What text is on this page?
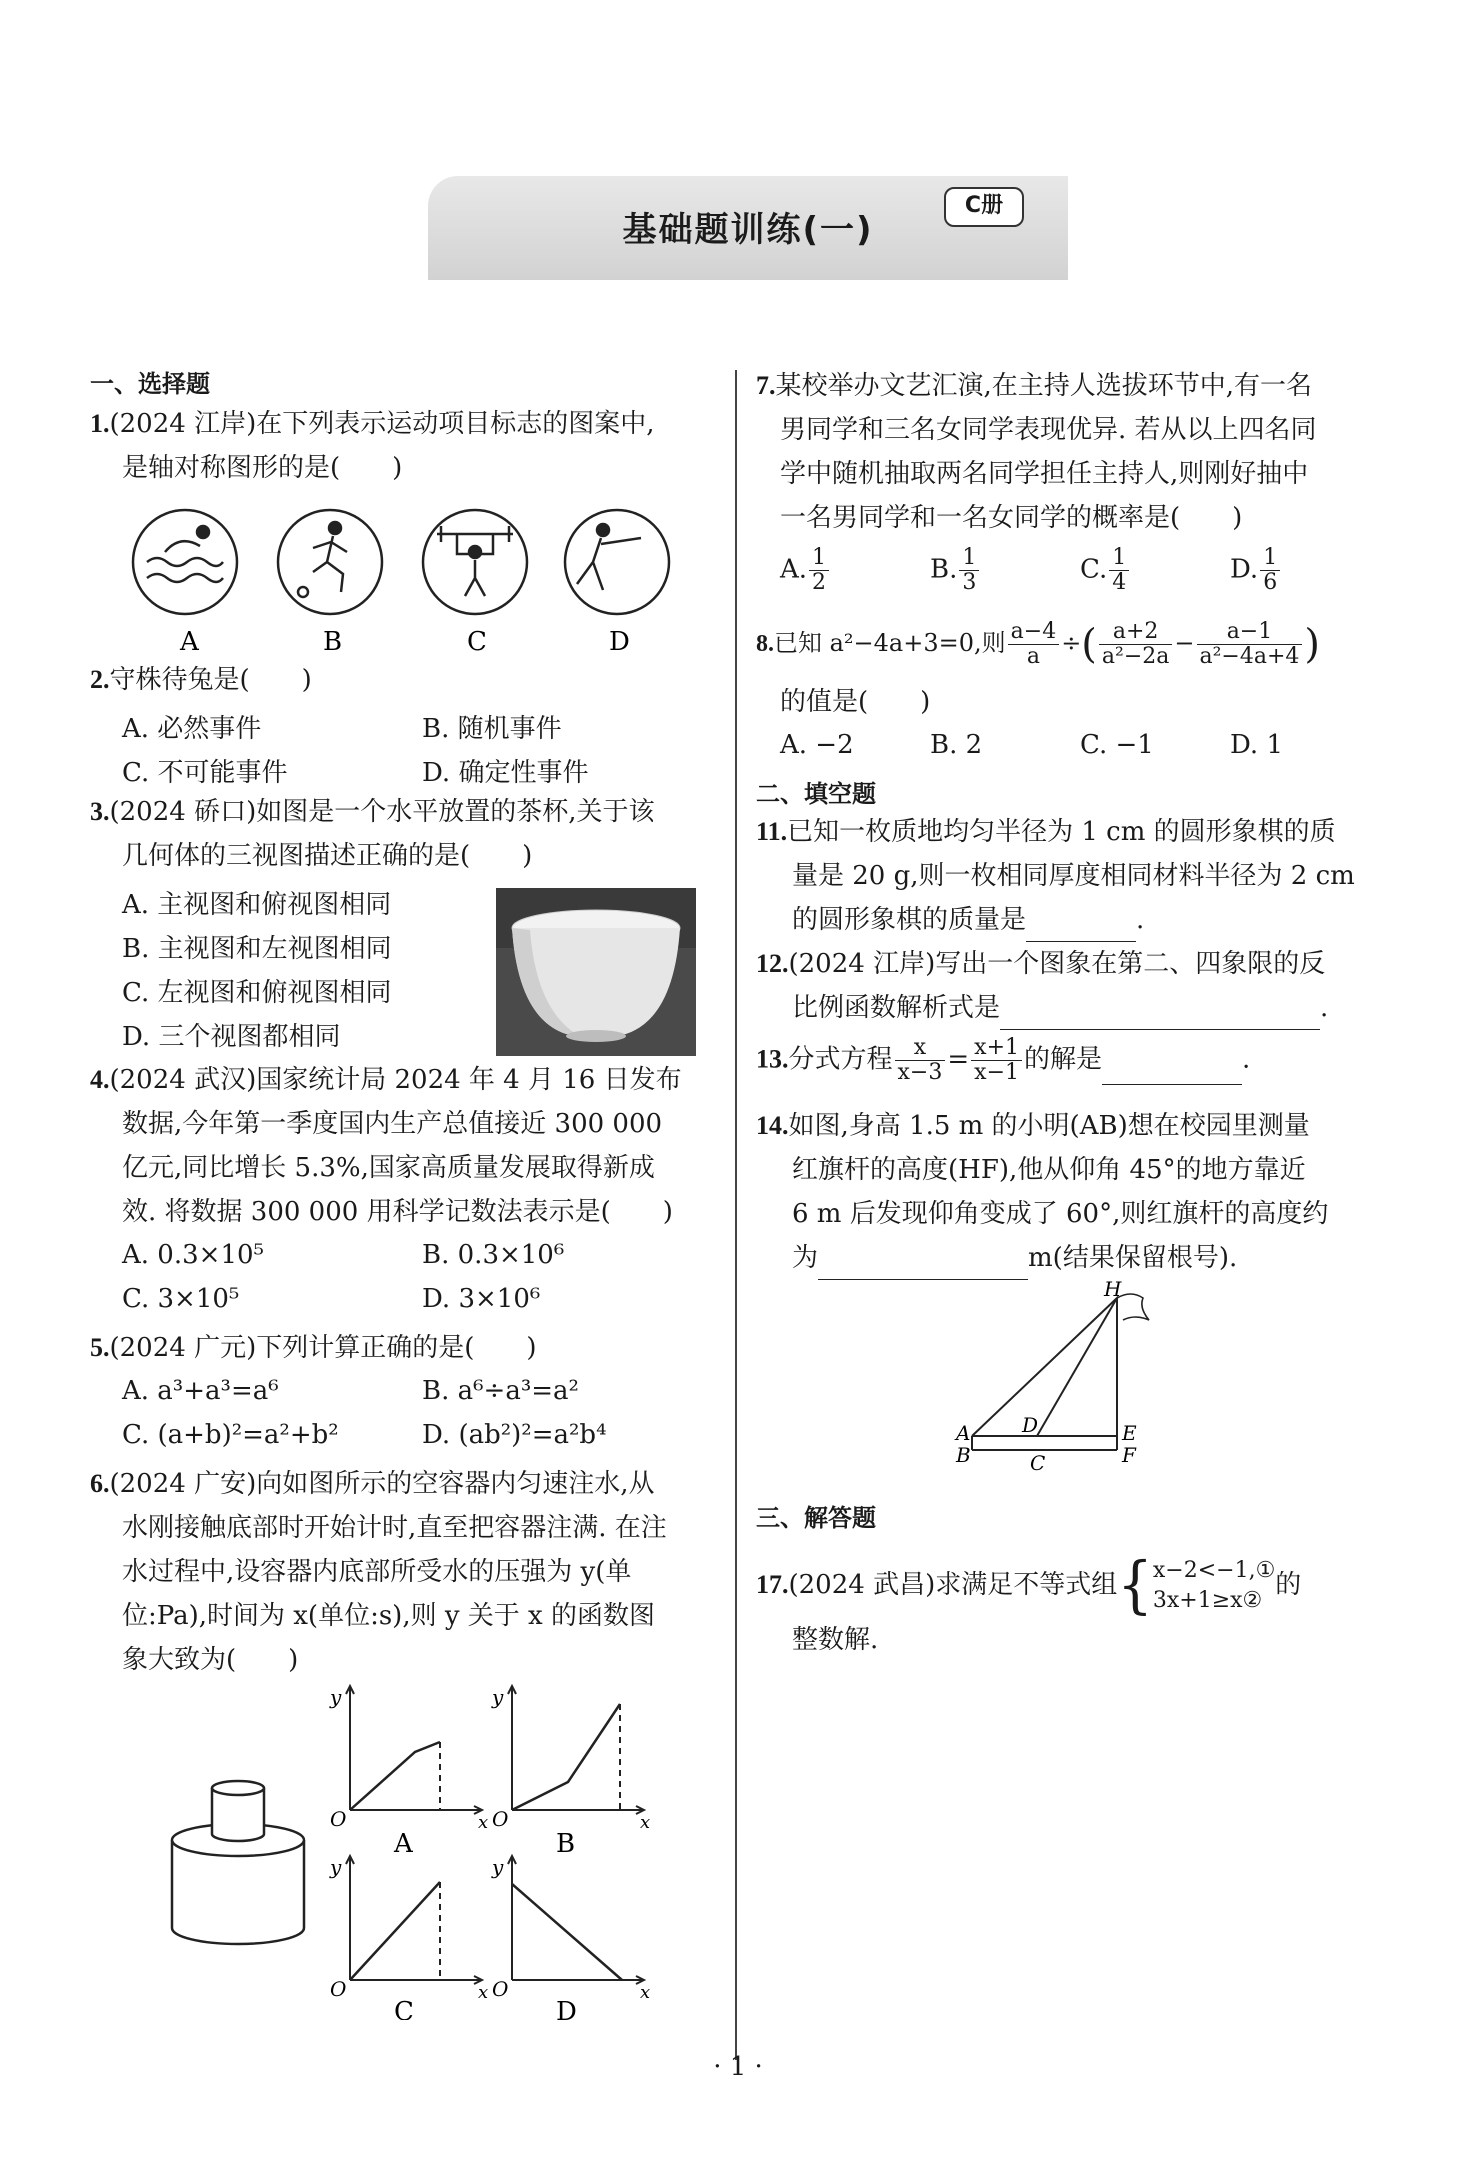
基础题训练(一)
C册
一、选择题
1.(2024 江岸)在下列表示运动项目标志的图案中,
是轴对称图形的是(　　)
A	B	C	D
2.守株待兔是(　　)
A. 必然事件	B. 随机事件
C. 不可能事件	D. 确定性事件
3.(2024 硚口)如图是一个水平放置的茶杯,关于该
几何体的三视图描述正确的是(　　)
A. 主视图和俯视图相同
B. 主视图和左视图相同
C. 左视图和俯视图相同
D. 三个视图都相同
4.(2024 武汉)国家统计局 2024 年 4 月 16 日发布
数据,今年第一季度国内生产总值接近 300 000
亿元,同比增长 5.3%,国家高质量发展取得新成
效. 将数据 300 000 用科学记数法表示是(　　)
A. 0.3×10⁵	B. 0.3×10⁶
C. 3×10⁵	D. 3×10⁶
5.(2024 广元)下列计算正确的是(　　)
A. a³+a³=a⁶	B. a⁶÷a³=a²
C. (a+b)²=a²+b²	D. (ab²)²=a²b⁴
6.(2024 广安)向如图所示的空容器内匀速注水,从
水刚接触底部时开始计时,直至把容器注满. 在注
水过程中,设容器内底部所受水的压强为 y(单
位:Pa),时间为 x(单位:s),则 y 关于 x 的函数图
象大致为(　　)
y
O	x
A
y
O	x
B
y
O	x
C
y
O	x
D
7.某校举办文艺汇演,在主持人选拔环节中,有一名
男同学和三名女同学表现优异. 若从以上四名同
学中随机抽取两名同学担任主持人,则刚好抽中
一名男同学和一名女同学的概率是(　　)
A. $\frac{1}{2}$	B. $\frac{1}{3}$	C. $\frac{1}{4}$	D. $\frac{1}{6}$
8.已知 a²−4a+3=0,则 $\frac{a-4}{a}$ ÷( $\frac{a+2}{\text{a²−2a}} - \frac{a-1}{\text{a²−4a+4}}$ )
的值是(　　)
A. −2	B. 2	C. −1	D. 1
二、填空题
11.已知一枚质地均匀半径为 1 cm 的圆形象棋的质
量是 20 g,则一枚相同厚度相同材料半径为 2 cm
的圆形象棋的质量是	.
12.(2024 江岸)写出一个图象在第二、四象限的反
比例函数解析式是	.
13.分式方程 $\frac{x}{x-3} = \frac{x+1}{x-1}$ 的解是	.
14.如图,身高 1.5 m 的小明(AB)想在校园里测量
红旗杆的高度(HF),他从仰角 45°的地方靠近
6 m 后发现仰角变成了 60°,则红旗杆的高度约
为	m(结果保留根号).
H
A	D	E
B	C	F
三、解答题
17.(2024 武昌)求满足不等式组{ x−2<−1,①
3x+1≥x②
的
整数解.
· 1 ·
